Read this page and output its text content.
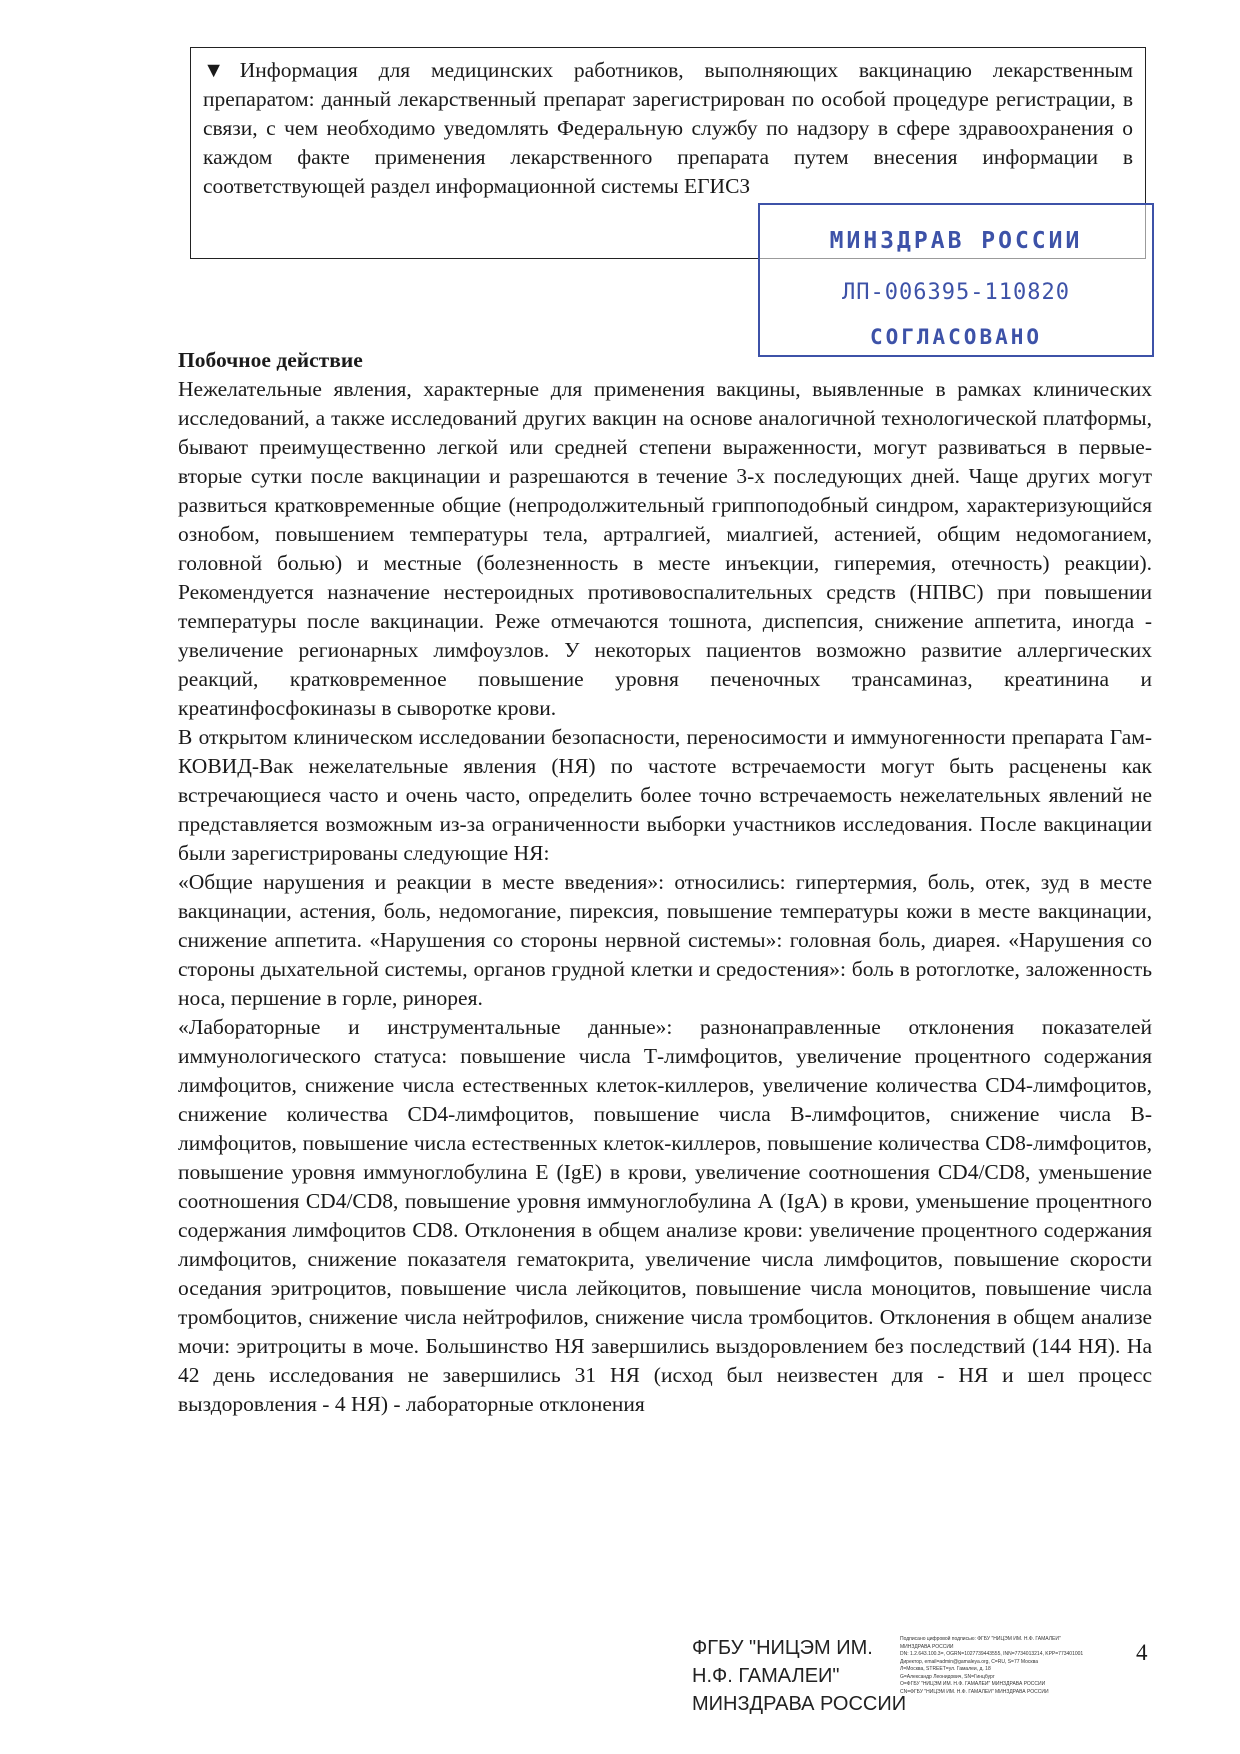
▼Информация для медицинских работников, выполняющих вакцинацию лекарственным препаратом: данный лекарственный препарат зарегистрирован по особой процедуре регистрации, в связи, с чем необходимо уведомлять Федеральную службу по надзору в сфере здравоохранения о каждом факте применения лекарственного препарата путем внесения информации в соответствующей раздел информационной системы ЕГИСЗ

МИНЗДРАВ РОССИИ
ЛП-006395-110820
СОГЛАСОВАНО
Побочное действие

Нежелательные явления, характерные для применения вакцины, выявленные в рамках клинических исследований, а также исследований других вакцин на основе аналогичной технологической платформы, бывают преимущественно легкой или средней степени выраженности, могут развиваться в первые-вторые сутки после вакцинации и разрешаются в течение 3-х последующих дней. Чаще других могут развиться кратковременные общие (непродолжительный гриппоподобный синдром, характеризующийся ознобом, повышением температуры тела, артралгией, миалгией, астенией, общим недомоганием, головной болью) и местные (болезненность в месте инъекции, гиперемия, отечность) реакции). Рекомендуется назначение нестероидных противовоспалительных средств (НПВС) при повышении температуры после вакцинации. Реже отмечаются тошнота, диспепсия, снижение аппетита, иногда - увеличение регионарных лимфоузлов. У некоторых пациентов возможно развитие аллергических реакций, кратковременное повышение уровня печеночных трансаминаз, креатинина и креатинфосфокиназы в сыворотке крови.

В открытом клиническом исследовании безопасности, переносимости и иммуногенности препарата Гам-КОВИД-Вак нежелательные явления (НЯ) по частоте встречаемости могут быть расценены как встречающиеся часто и очень часто, определить более точно встречаемость нежелательных явлений не представляется возможным из-за ограниченности выборки участников исследования. После вакцинации были зарегистрированы следующие НЯ:

«Общие нарушения и реакции в месте введения»: относились: гипертермия, боль, отек, зуд в месте вакцинации, астения, боль, недомогание, пирексия, повышение температуры кожи в месте вакцинации, снижение аппетита. «Нарушения со стороны нервной системы»: головная боль, диарея. «Нарушения со стороны дыхательной системы, органов грудной клетки и средостения»: боль в ротоглотке, заложенность носа, першение в горле, ринорея.

«Лабораторные и инструментальные данные»: разнонаправленные отклонения показателей иммунологического статуса: повышение числа Т-лимфоцитов, увеличение процентного содержания лимфоцитов, снижение числа естественных клеток-киллеров, увеличение количества CD4-лимфоцитов, снижение количества CD4-лимфоцитов, повышение числа В-лимфоцитов, снижение числа В-лимфоцитов, повышение числа естественных клеток-киллеров, повышение количества CD8-лимфоцитов, повышение уровня иммуноглобулина E (IgE) в крови, увеличение соотношения CD4/CD8, уменьшение соотношения CD4/CD8, повышение уровня иммуноглобулина А (IgA) в крови, уменьшение процентного содержания лимфоцитов CD8. Отклонения в общем анализе крови: увеличение процентного содержания лимфоцитов, снижение показателя гематокрита, увеличение числа лимфоцитов, повышение скорости оседания эритроцитов, повышение числа лейкоцитов, повышение числа моноцитов, повышение числа тромбоцитов, снижение числа нейтрофилов, снижение числа тромбоцитов. Отклонения в общем анализе мочи: эритроциты в моче. Большинство НЯ завершились выздоровлением без последствий (144 НЯ). На 42 день исследования не завершились 31 НЯ (исход был неизвестен для - НЯ и шел процесс выздоровления - 4 НЯ) - лабораторные отклонения

ФГБУ "НИЦЭМ ИМ.
Н.Ф. ГАМАЛЕИ"
МИНЗДРАВА РОССИИ
Подписано цифровой подписью: ФГБУ "НИЦЭМ ИМ. Н.Ф. ГАМАЛЕИ"
МИНЗДРАВА РОССИИ
DN: 1.2.643.100.3=, OGRN=1027739443555, INN=7734013214, KPP=773401001
Директор, email=admin@gamaleya.org, C=RU, S=77 Москва
Л=Москва, STREET=ул. Гамалеи, д. 18
G=Александр Леонидович, SN=Гинцбург
O=ФГБУ "НИЦЭМ ИМ. Н.Ф. ГАМАЛЕИ" МИНЗДРАВА РОССИИ
CN=ФГБУ "НИЦЭМ ИМ. Н.Ф. ГАМАЛЕИ" МИНЗДРАВА РОССИИ
4
